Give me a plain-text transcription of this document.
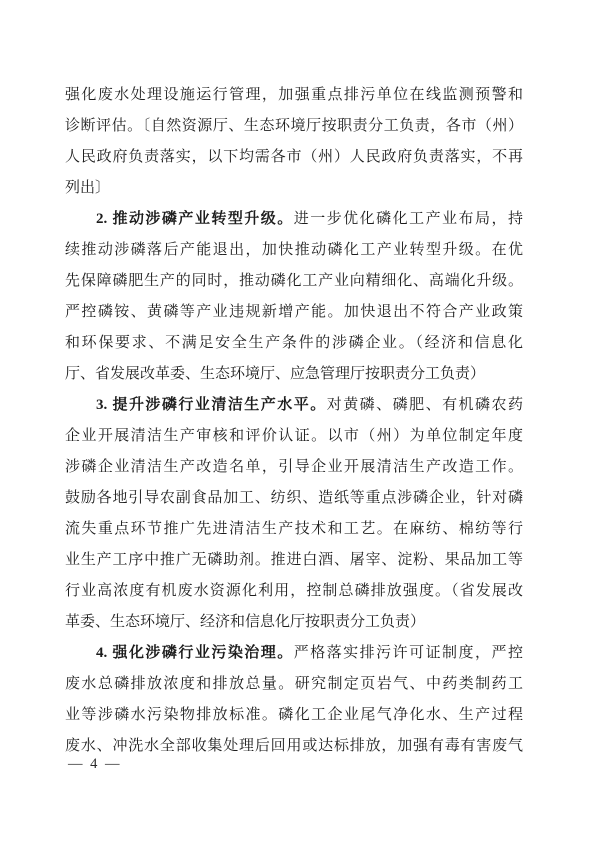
强化废水处理设施运行管理，加强重点排污单位在线监测预警和
诊断评估。〔自然资源厅、生态环境厅按职责分工负责，各市（州）
人民政府负责落实，以下均需各市（州）人民政府负责落实，不再
列出〕
2. 推动涉磷产业转型升级。进一步优化磷化工产业布局，持
续推动涉磷落后产能退出，加快推动磷化工产业转型升级。在优
先保障磷肥生产的同时，推动磷化工产业向精细化、高端化升级。
严控磷铵、黄磷等产业违规新增产能。加快退出不符合产业政策
和环保要求、不满足安全生产条件的涉磷企业。（经济和信息化
厅、省发展改革委、生态环境厅、应急管理厅按职责分工负责）
3. 提升涉磷行业清洁生产水平。对黄磷、磷肥、有机磷农药
企业开展清洁生产审核和评价认证。以市（州）为单位制定年度
涉磷企业清洁生产改造名单，引导企业开展清洁生产改造工作。
鼓励各地引导农副食品加工、纺织、造纸等重点涉磷企业，针对磷
流失重点环节推广先进清洁生产技术和工艺。在麻纺、棉纺等行
业生产工序中推广无磷助剂。推进白酒、屠宰、淀粉、果品加工等
行业高浓度有机废水资源化利用，控制总磷排放强度。（省发展改
革委、生态环境厅、经济和信息化厅按职责分工负责）
4. 强化涉磷行业污染治理。严格落实排污许可证制度，严控
废水总磷排放浓度和排放总量。研究制定页岩气、中药类制药工
业等涉磷水污染物排放标准。磷化工企业尾气净化水、生产过程
废水、冲洗水全部收集处理后回用或达标排放，加强有毒有害废气
— 4 —
